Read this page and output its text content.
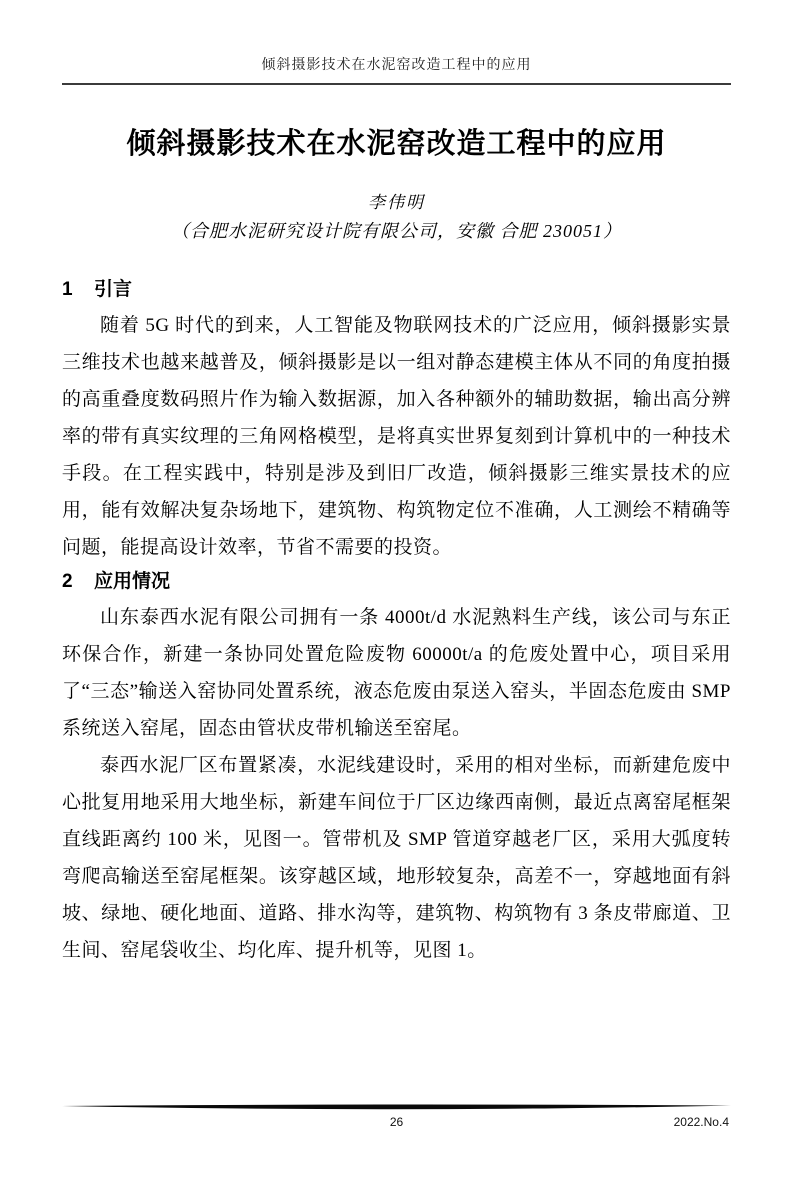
倾斜摄影技术在水泥窑改造工程中的应用
倾斜摄影技术在水泥窑改造工程中的应用
李伟明
（合肥水泥研究设计院有限公司，安徽 合肥 230051）
1 引言

随着 5G 时代的到来，人工智能及物联网技术的广泛应用，倾斜摄影实景三维技术也越来越普及，倾斜摄影是以一组对静态建模主体从不同的角度拍摄的高重叠度数码照片作为输入数据源，加入各种额外的辅助数据，输出高分辨率的带有真实纹理的三角网格模型，是将真实世界复刻到计算机中的一种技术手段。在工程实践中，特别是涉及到旧厂改造，倾斜摄影三维实景技术的应用，能有效解决复杂场地下，建筑物、构筑物定位不准确，人工测绘不精确等问题，能提高设计效率，节省不需要的投资。

2 应用情况

山东泰西水泥有限公司拥有一条 4000t/d 水泥熟料生产线，该公司与东正环保合作，新建一条协同处置危险废物 60000t/a 的危废处置中心，项目采用了“三态”输送入窑协同处置系统，液态危废由泵送入窑头，半固态危废由 SMP 系统送入窑尾，固态由管状皮带机输送至窑尾。

泰西水泥厂区布置紧凑，水泥线建设时，采用的相对坐标，而新建危废中心批复用地采用大地坐标，新建车间位于厂区边缘西南侧，最近点离窑尾框架直线距离约 100 米，见图一。管带机及 SMP 管道穿越老厂区，采用大弧度转弯爬高输送至窑尾框架。该穿越区域，地形较复杂，高差不一，穿越地面有斜坡、绿地、硬化地面、道路、排水沟等，建筑物、构筑物有 3 条皮带廊道、卫生间、窑尾袋收尘、均化库、提升机等，见图 1。

26	2022.No.4
